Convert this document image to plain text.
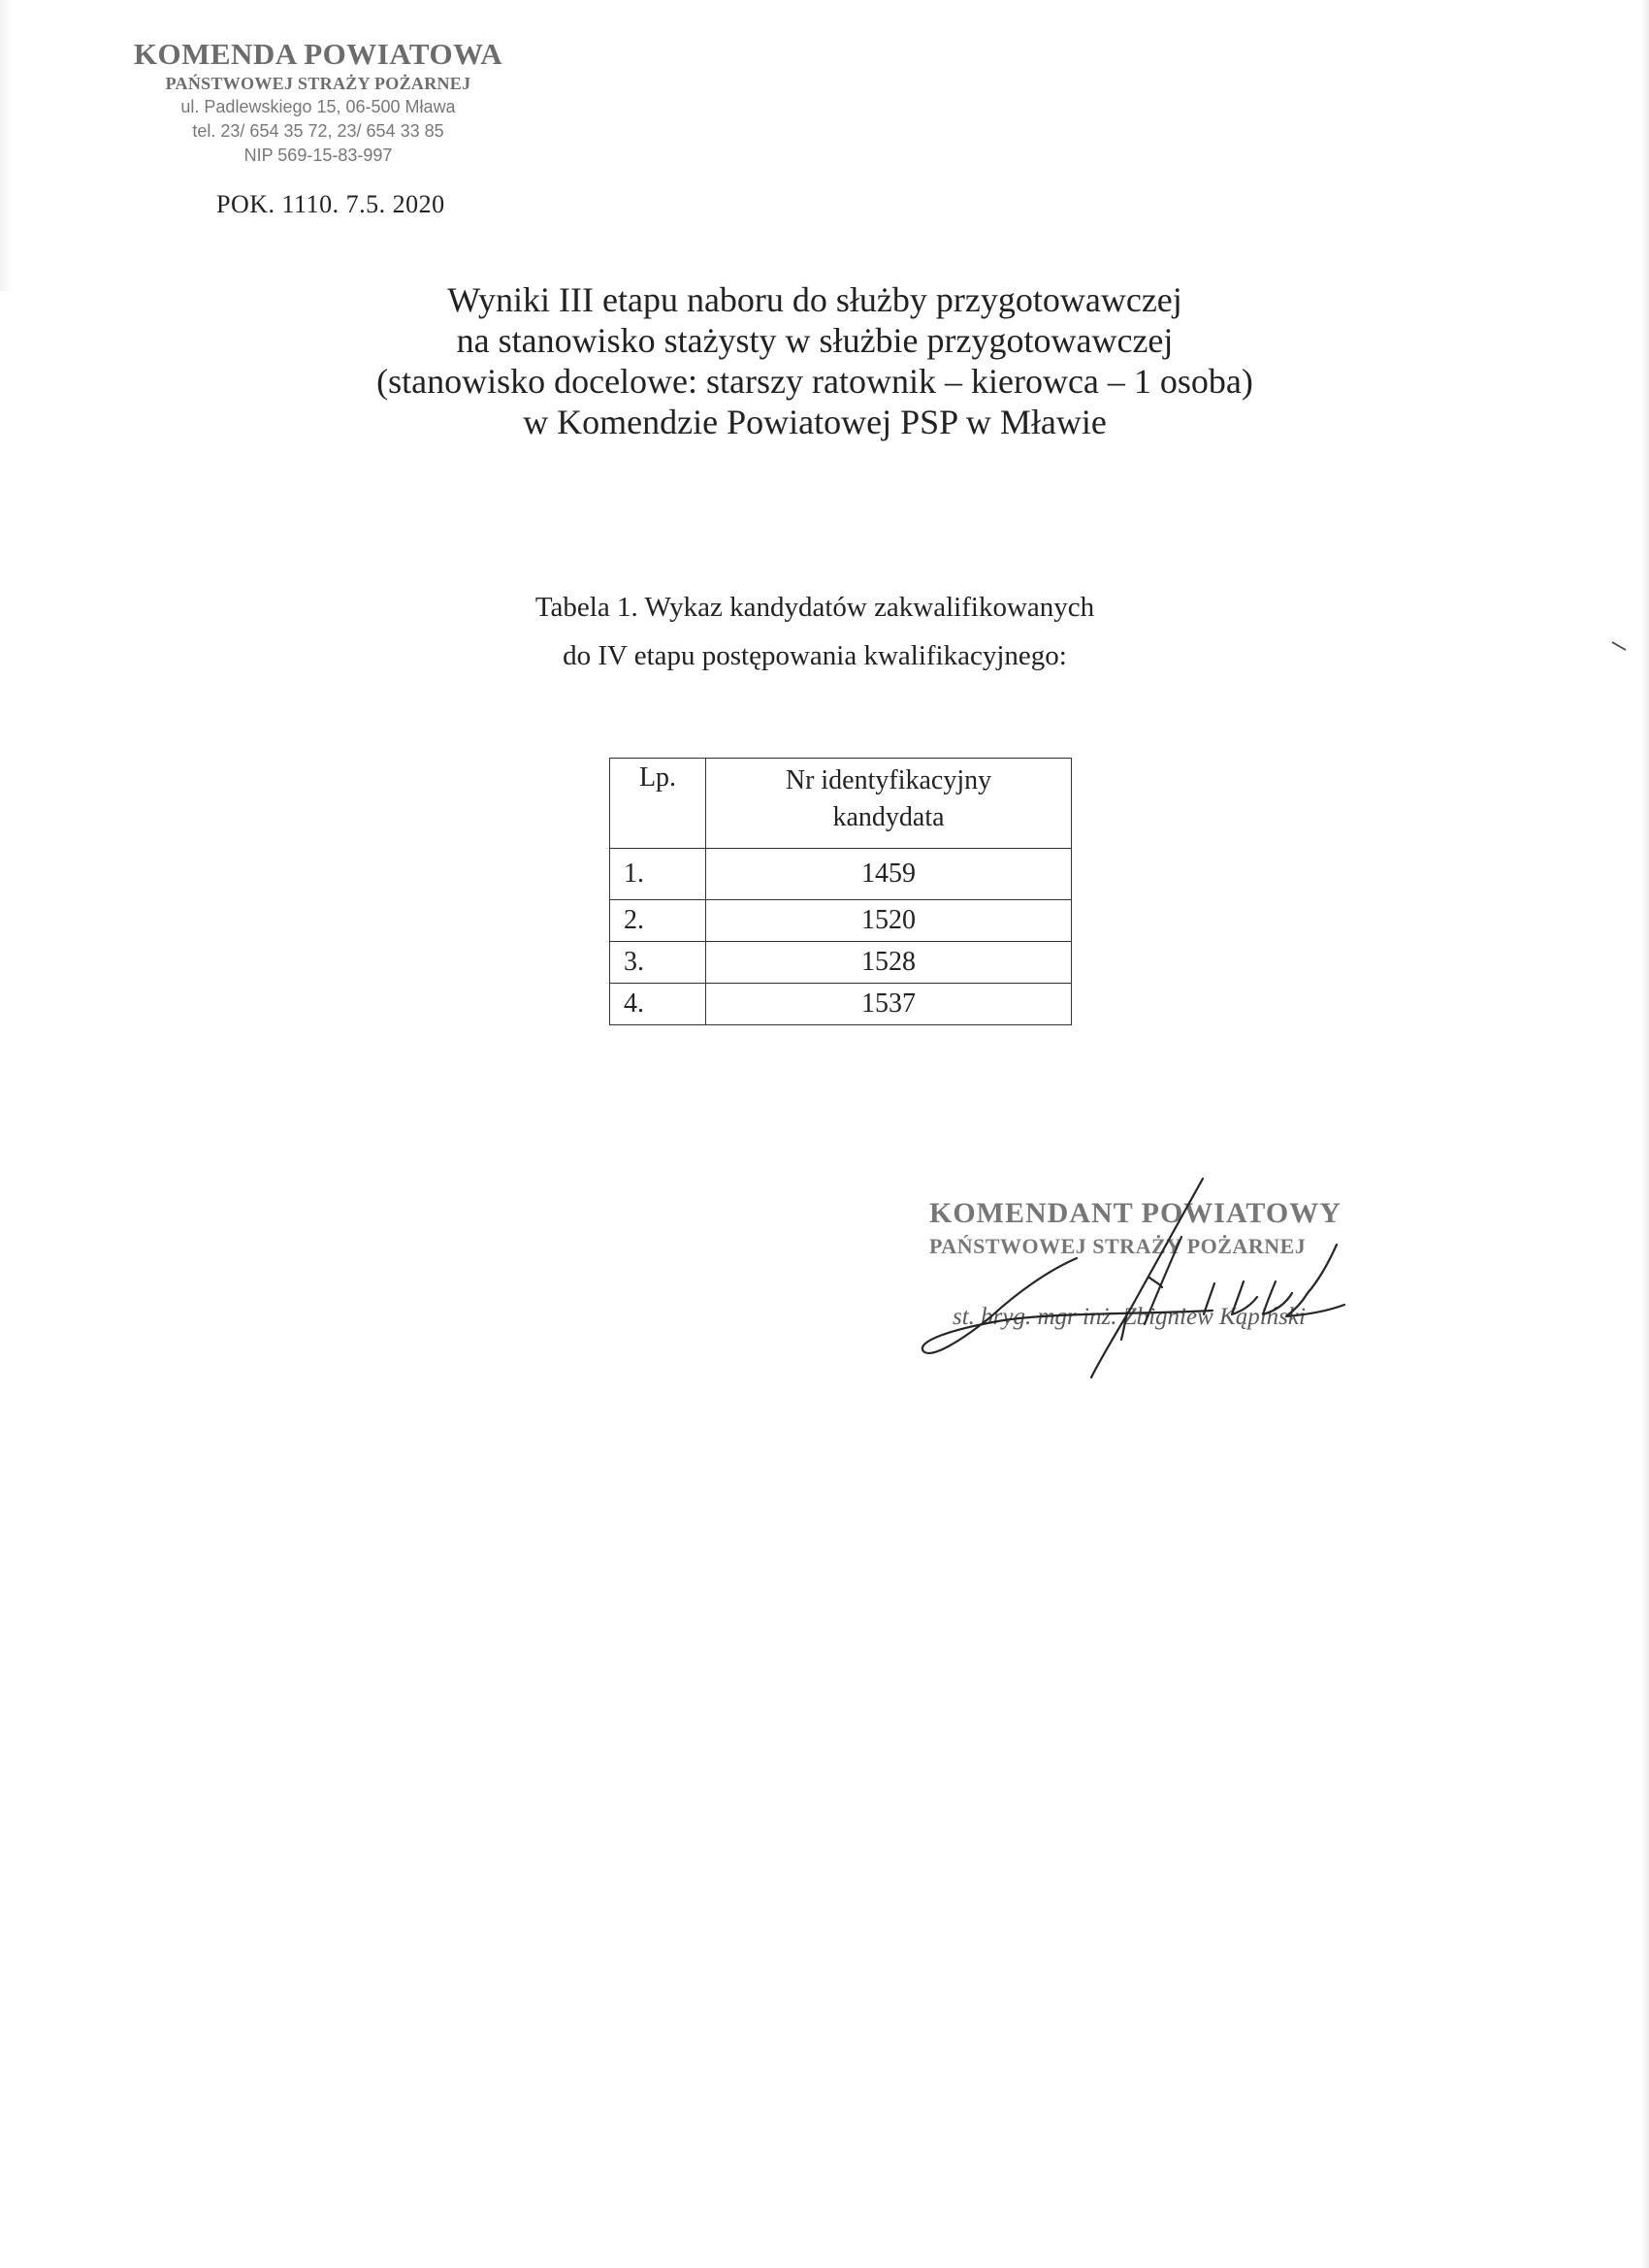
KOMENDA POWIATOWA
PAŃSTWOWEJ STRAŻY POŻARNEJ
ul. Padlewskiego 15, 06-500 Mława
tel. 23/ 654 35 72, 23/ 654 33 85
NIP 569-15-83-997
POK. 1110. 7.5. 2020
Wyniki III etapu naboru do służby przygotowawczej
na stanowisko stażysty w służbie przygotowawczej
(stanowisko docelowe: starszy ratownik – kierowca – 1 osoba)
w Komendzie Powiatowej PSP w Mławie
Tabela 1. Wykaz kandydatów zakwalifikowanych
do IV etapu postępowania kwalifikacyjnego:
Lp.	Nr identyfikacyjny
kandydata

1.	1459
2.	1520
3.	1528
4.	1537
KOMENDANT POWIATOWY
PAŃSTWOWEJ STRAŻY POŻARNEJ
st. bryg. mgr inż. Zbigniew Kąpiński
